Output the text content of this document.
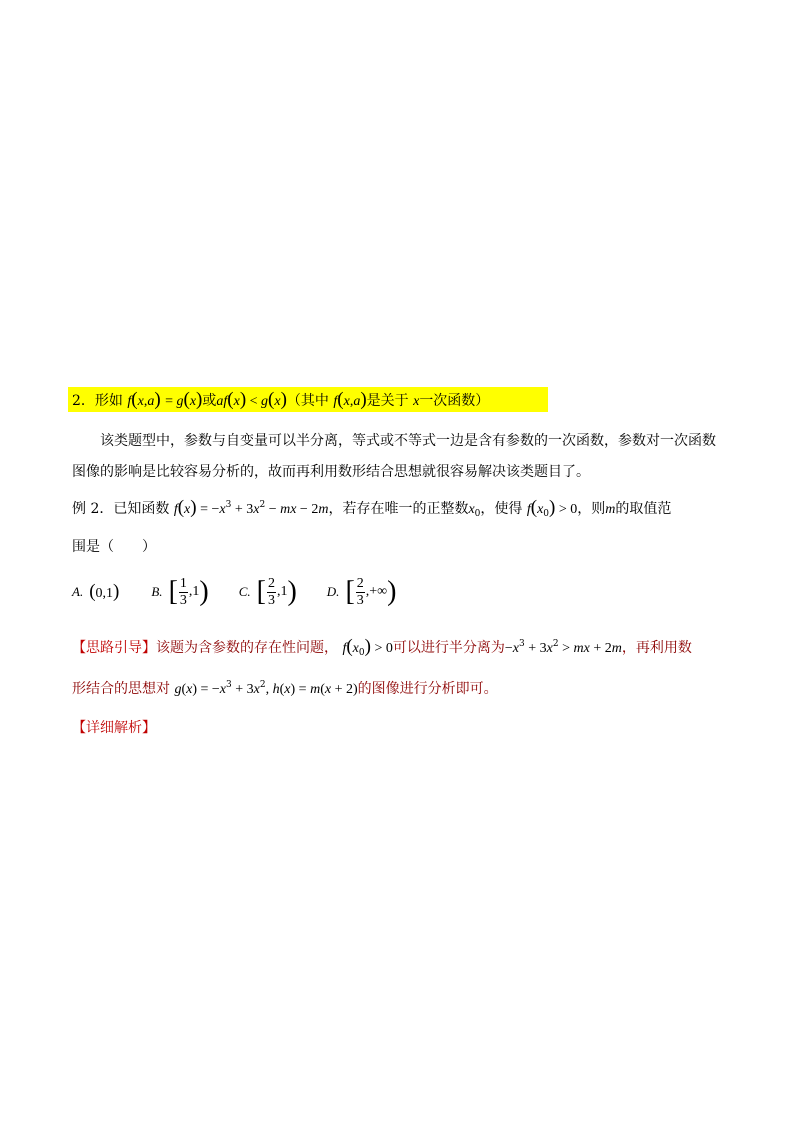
2．形如 f(x,a) = g(x)或af(x) < g(x)（其中 f(x,a)是关于 x一次函数）
该类题型中，参数与自变量可以半分离，等式或不等式一边是含有参数的一次函数，参数对一次函数
图像的影响是比较容易分析的，故而再利用数形结合思想就很容易解决该类题目了。
例 2．已知函数 $f(x) = -x^3 + 3x^2$ − mx − 2m，若存在唯一的正整数$x_0$，使得 $f(x_0) > 0$，则m的取值范
围是（　　）
A. (0,1) B. [ $\frac{1}{3} ,1$ ) C. [ $\frac{2}{3} ,1$ ) D. [ $\frac{2}{3}$ ,+∞ )
【思路引导】该题为含参数的存在性问题， $f(x_0) > 0$可以进行半分离为$-x^3 + 3x^2$ > mx + 2m，再利用数
形结合的思想对 $g(x) = -x^3 + 3x^2$, h(x) = m(x + 2)的图像进行分析即可。
【详细解析】
